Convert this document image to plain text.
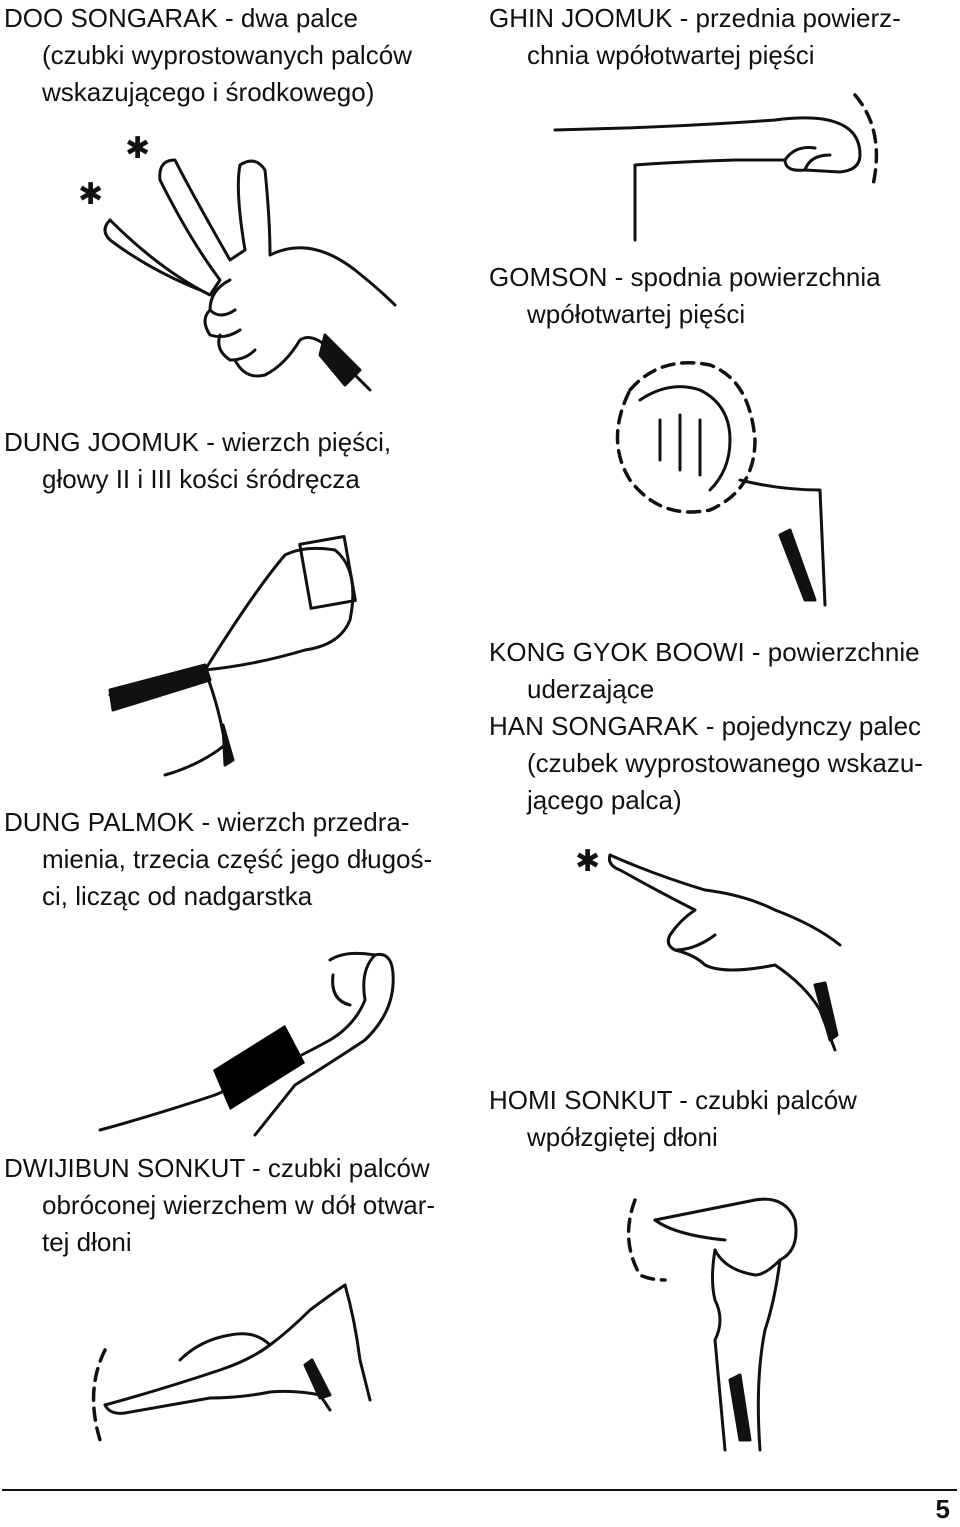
DOO SONGARAK - dwa palce
(czubki wyprostowanych palców
wskazującego i środkowego)
GHIN JOOMUK - przednia powierz-
chnia wpółotwartej pięści
✱
✱
GOMSON - spodnia powierzchnia
wpółotwartej pięści
DUNG JOOMUK - wierzch pięści,
głowy II i III kości śródręcza
KONG GYOK BOOWI - powierzchnie
uderzające
HAN SONGARAK - pojedynczy palec
(czubek wyprostowanego wskazu-
jącego palca)
DUNG PALMOK - wierzch przedra-
mienia, trzecia część jego długoś-
ci, licząc od nadgarstka
✱
HOMI SONKUT - czubki palców
wpółzgiętej dłoni
DWIJIBUN SONKUT - czubki palców
obróconej wierzchem w dół otwar-
tej dłoni
5
